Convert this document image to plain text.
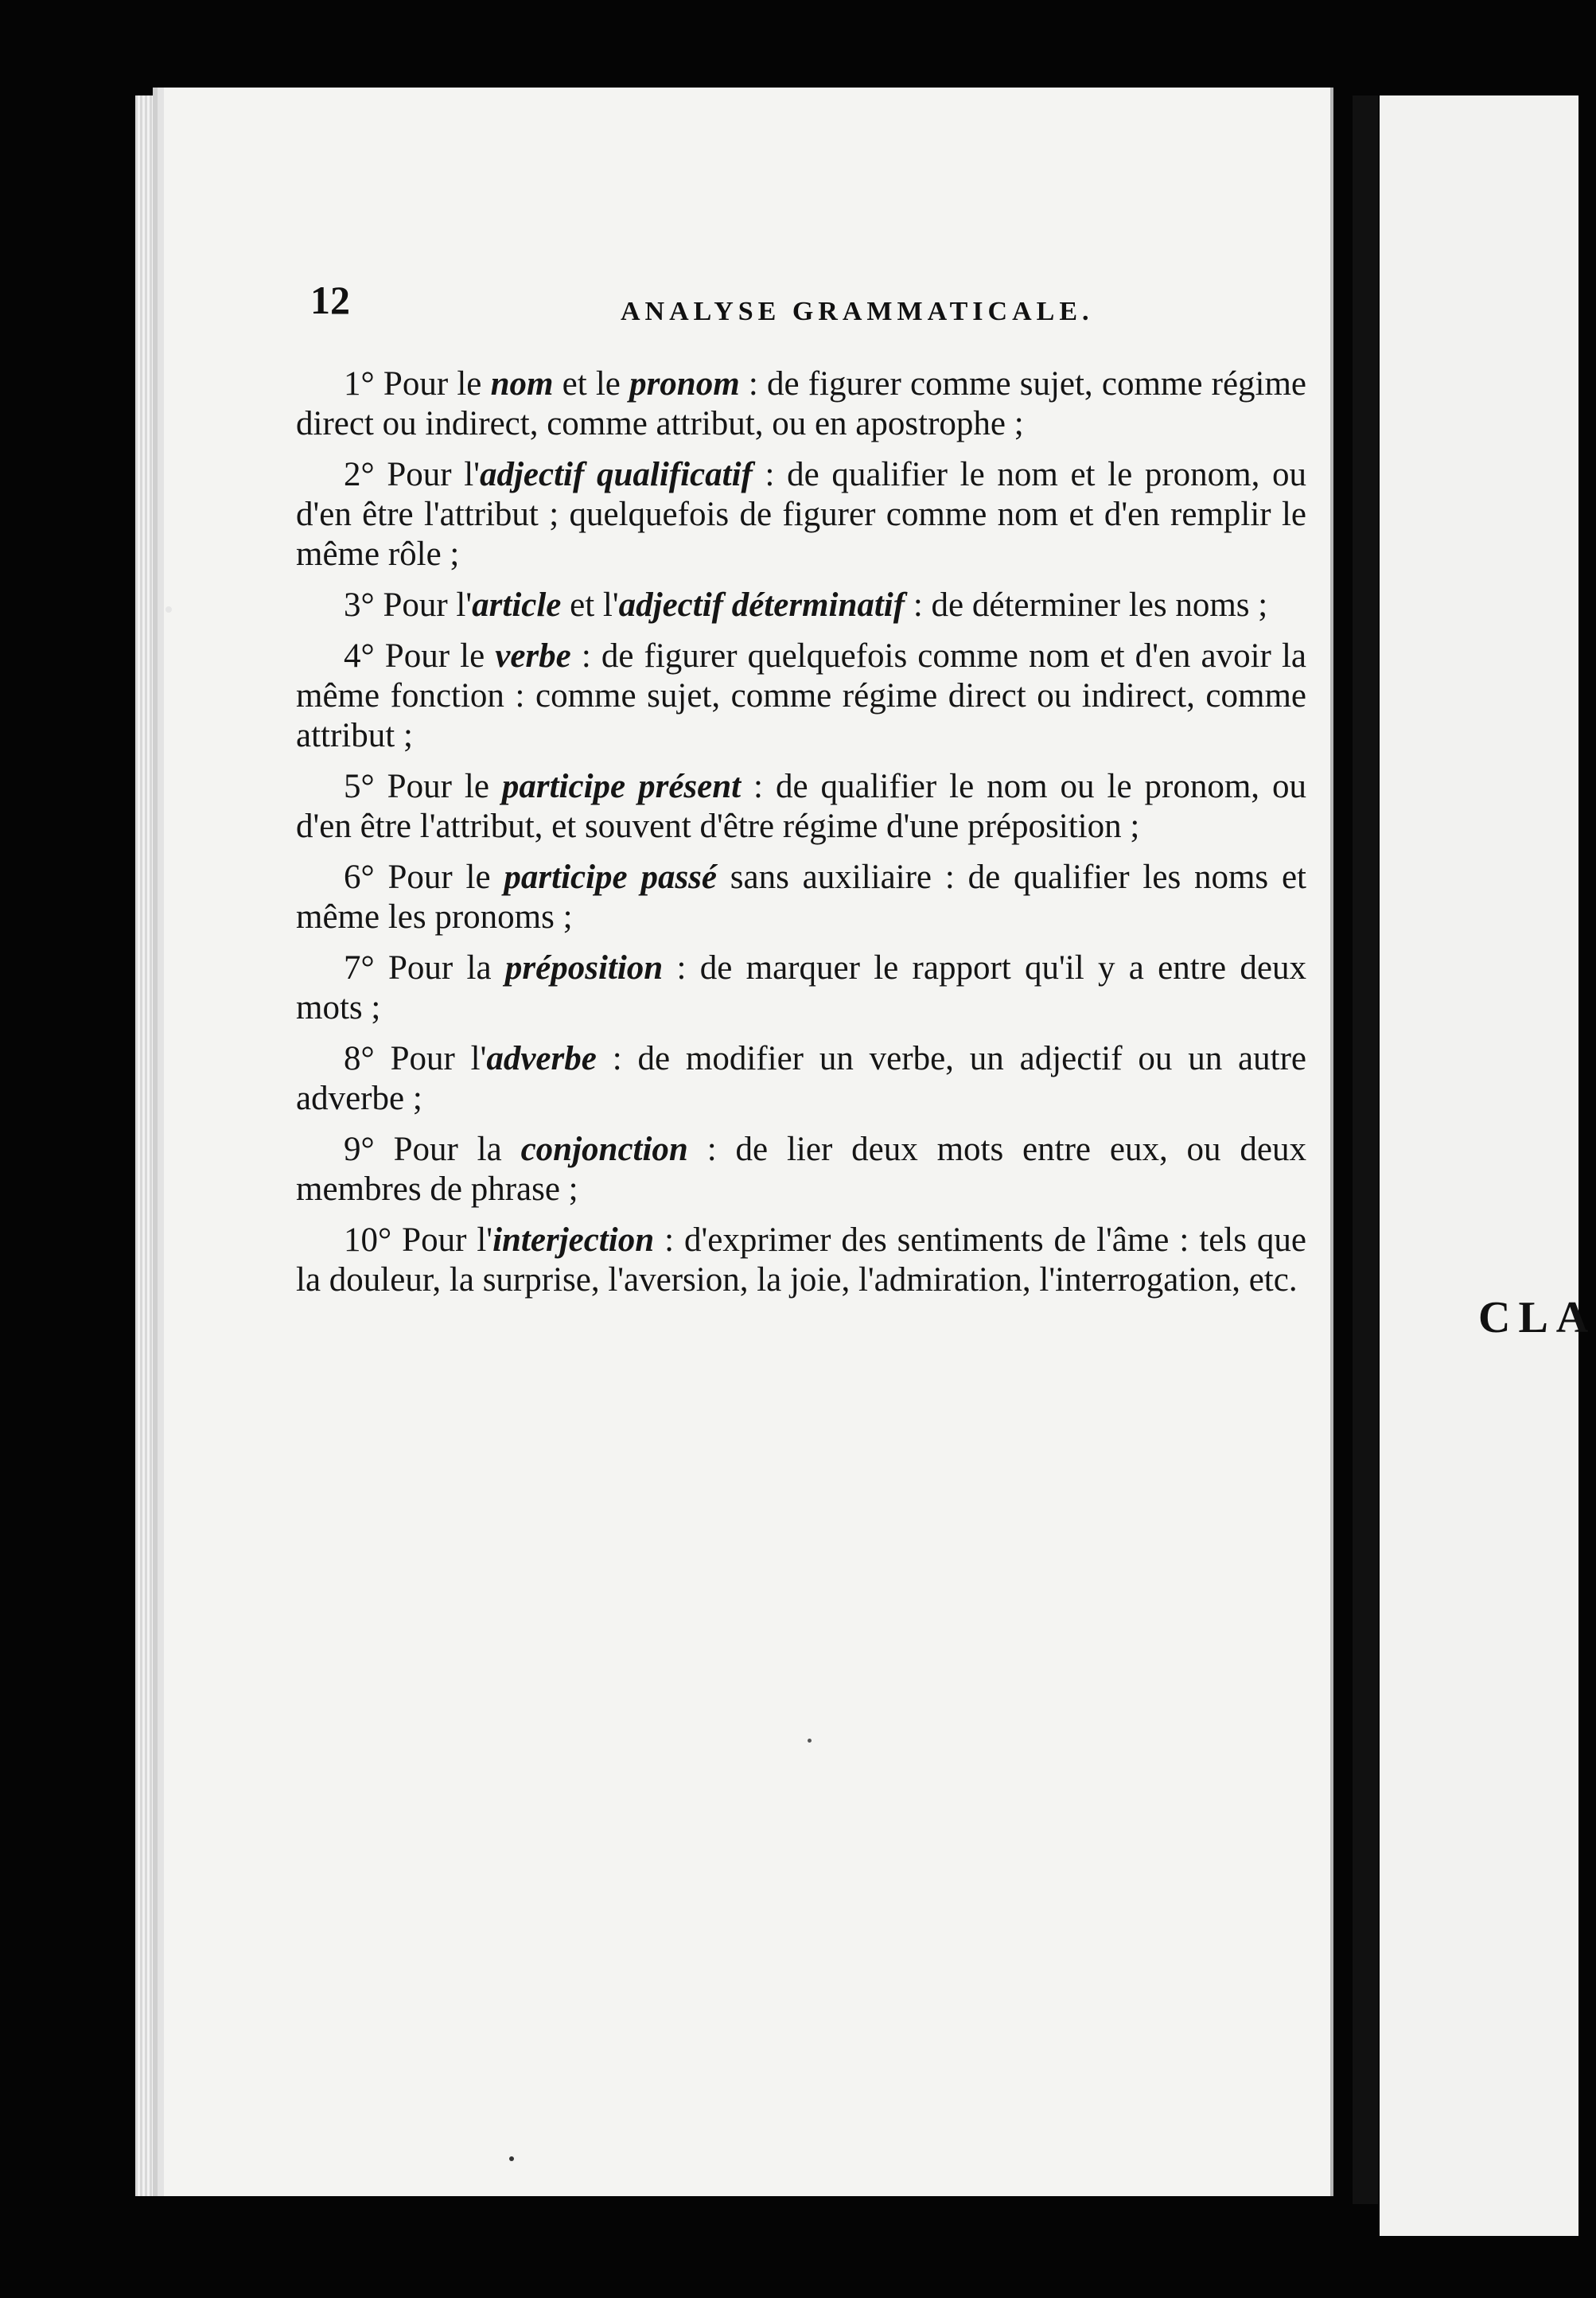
CLA
12	ANALYSE GRAMMATICALE.

1° Pour le nom et le pronom : de figurer comme sujet, comme régime direct ou indirect, comme attribut, ou en apostrophe ;

2° Pour l'adjectif qualificatif : de qualifier le nom et le pronom, ou d'en être l'attribut ; quelquefois de figurer comme nom et d'en remplir le même rôle ;

3° Pour l'article et l'adjectif déterminatif : de déterminer les noms ;

4° Pour le verbe : de figurer quelquefois comme nom et d'en avoir la même fonction : comme sujet, comme régime direct ou indirect, comme attribut ;

5° Pour le participe présent : de qualifier le nom ou le pronom, ou d'en être l'attribut, et souvent d'être régime d'une préposition ;

6° Pour le participe passé sans auxiliaire : de qualifier les noms et même les pronoms ;

7° Pour la préposition : de marquer le rapport qu'il y a entre deux mots ;

8° Pour l'adverbe : de modifier un verbe, un adjectif ou un autre adverbe ;

9° Pour la conjonction : de lier deux mots entre eux, ou deux membres de phrase ;

10° Pour l'interjection : d'exprimer des sentiments de l'âme : tels que la douleur, la surprise, l'aversion, la joie, l'admiration, l'interrogation, etc.
